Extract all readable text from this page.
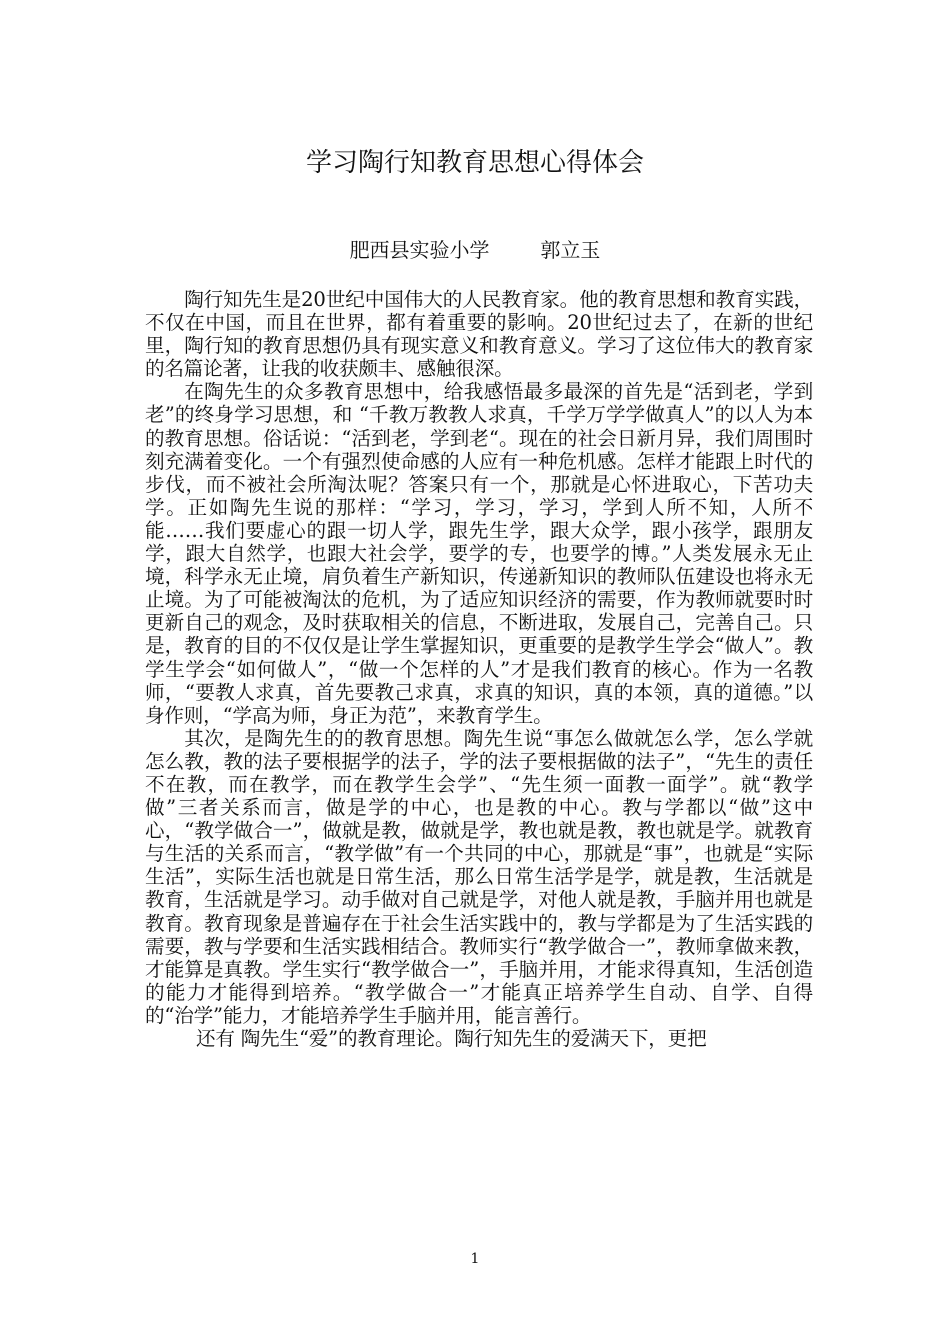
学习陶行知教育思想心得体会
肥西县实验小学        郭立玉

陶行知先生是20世纪中国伟大的人民教育家。他的教育思想和教育实践，不仅在中国，而且在世界，都有着重要的影响。20世纪过去了，在新的世纪里，陶行知的教育思想仍具有现实意义和教育意义。学习了这位伟大的教育家的名篇论著，让我的收获颇丰、感触很深。

在陶先生的众多教育思想中，给我感悟最多最深的首先是“活到老，学到老”的终身学习思想，和 “千教万教教人求真，千学万学学做真人”的以人为本的教育思想。俗话说：“活到老，学到老“。现在的社会日新月异，我们周围时刻充满着变化。一个有强烈使命感的人应有一种危机感。怎样才能跟上时代的步伐，而不被社会所淘汰呢？答案只有一个，那就是心怀进取心，下苦功夫学。正如陶先生说的那样：“学习，学习，学习，学到人所不知，人所不能……我们要虚心的跟一切人学，跟先生学，跟大众学，跟小孩学，跟朋友学，跟大自然学，也跟大社会学，要学的专，也要学的博。”人类发展永无止境，科学永无止境，肩负着生产新知识，传递新知识的教师队伍建设也将永无止境。为了可能被淘汰的危机，为了适应知识经济的需要，作为教师就要时时更新自己的观念，及时获取相关的信息，不断进取，发展自己，完善自己。只是，教育的目的不仅仅是让学生掌握知识，更重要的是教学生学会“做人”。教学生学会“如何做人”，“做一个怎样的人”才是我们教育的核心。作为一名教师，“要教人求真，首先要教己求真，求真的知识，真的本领，真的道德。”以身作则，“学高为师，身正为范”，来教育学生。

其次，是陶先生的的教育思想。陶先生说“事怎么做就怎么学，怎么学就怎么教，教的法子要根据学的法子，学的法子要根据做的法子”，“先生的责任不在教，而在教学，而在教学生会学”、“先生须一面教一面学”。就“教学做”三者关系而言，做是学的中心，也是教的中心。教与学都以“做”这中心，“教学做合一”，做就是教，做就是学，教也就是教，教也就是学。就教育与生活的关系而言，“教学做”有一个共同的中心，那就是“事”，也就是“实际生活”，实际生活也就是日常生活，那么日常生活学是学，就是教，生活就是教育，生活就是学习。动手做对自己就是学，对他人就是教，手脑并用也就是教育。教育现象是普遍存在于社会生活实践中的，教与学都是为了生活实践的需要，教与学要和生活实践相结合。教师实行“教学做合一”，教师拿做来教，才能算是真教。学生实行“教学做合一”，手脑并用，才能求得真知，生活创造的能力才能得到培养。“教学做合一”才能真正培养学生自动、自学、自得的“治学”能力，才能培养学生手脑并用，能言善行。

还有 陶先生“爱”的教育理论。陶行知先生的爱满天下，更把

1
